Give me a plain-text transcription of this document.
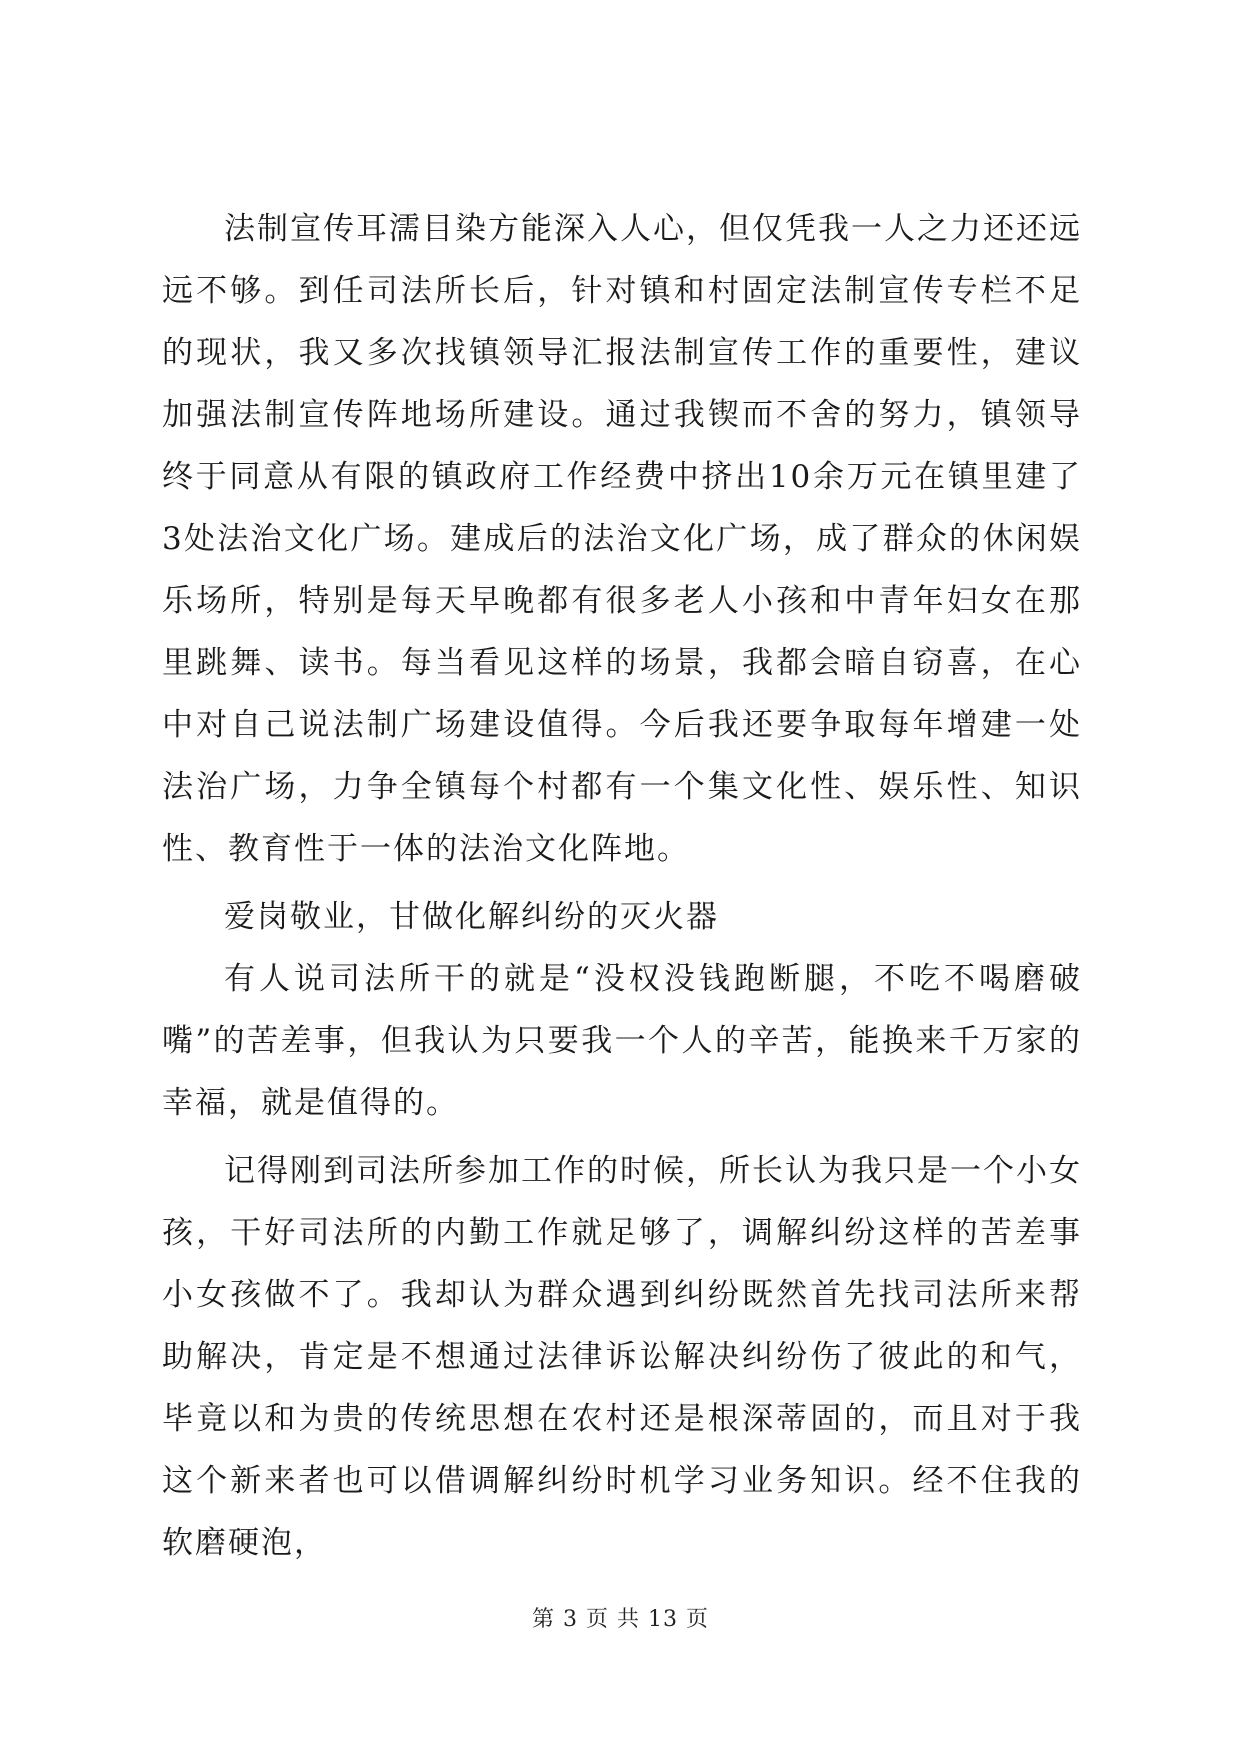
法制宣传耳濡目染方能深入人心，但仅凭我一人之力还还远远不够。到任司法所长后，针对镇和村固定法制宣传专栏不足的现状，我又多次找镇领导汇报法制宣传工作的重要性，建议加强法制宣传阵地场所建设。通过我锲而不舍的努力，镇领导终于同意从有限的镇政府工作经费中挤出10余万元在镇里建了3处法治文化广场。建成后的法治文化广场，成了群众的休闲娱乐场所，特别是每天早晚都有很多老人小孩和中青年妇女在那里跳舞、读书。每当看见这样的场景，我都会暗自窃喜，在心中对自己说法制广场建设值得。今后我还要争取每年增建一处法治广场，力争全镇每个村都有一个集文化性、娱乐性、知识性、教育性于一体的法治文化阵地。

爱岗敬业，甘做化解纠纷的灭火器

有人说司法所干的就是“没权没钱跑断腿，不吃不喝磨破嘴”的苦差事，但我认为只要我一个人的辛苦，能换来千万家的幸福，就是值得的。

记得刚到司法所参加工作的时候，所长认为我只是一个小女孩，干好司法所的内勤工作就足够了，调解纠纷这样的苦差事小女孩做不了。我却认为群众遇到纠纷既然首先找司法所来帮助解决，肯定是不想通过法律诉讼解决纠纷伤了彼此的和气，毕竟以和为贵的传统思想在农村还是根深蒂固的，而且对于我这个新来者也可以借调解纠纷时机学习业务知识。经不住我的软磨硬泡，

第 3 页 共 13 页
